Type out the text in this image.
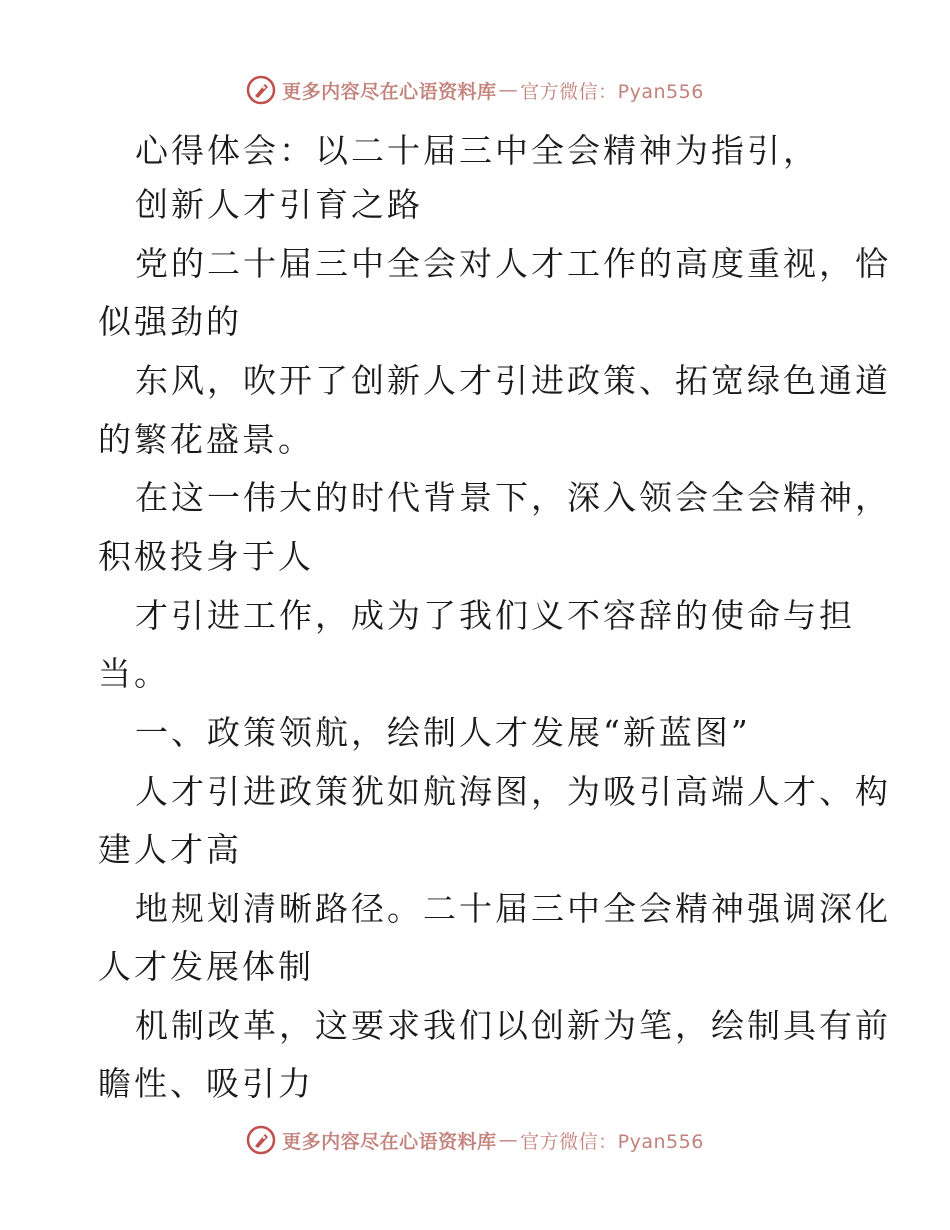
更多内容尽在心语资料库 — 官方微信：Pyan556
心得体会：以二十届三中全会精神为指引，
创新人才引育之路
党的二十届三中全会对人才工作的高度重视，恰
似强劲的
东风，吹开了创新人才引进政策、拓宽绿色通道
的繁花盛景。
在这一伟大的时代背景下，深入领会全会精神，
积极投身于人
才引进工作，成为了我们义不容辞的使命与担
当。
一、政策领航，绘制人才发展“新蓝图”
人才引进政策犹如航海图，为吸引高端人才、构
建人才高
地规划清晰路径。二十届三中全会精神强调深化
人才发展体制
机制改革，这要求我们以创新为笔，绘制具有前
瞻性、吸引力
更多内容尽在心语资料库 — 官方微信：Pyan556
